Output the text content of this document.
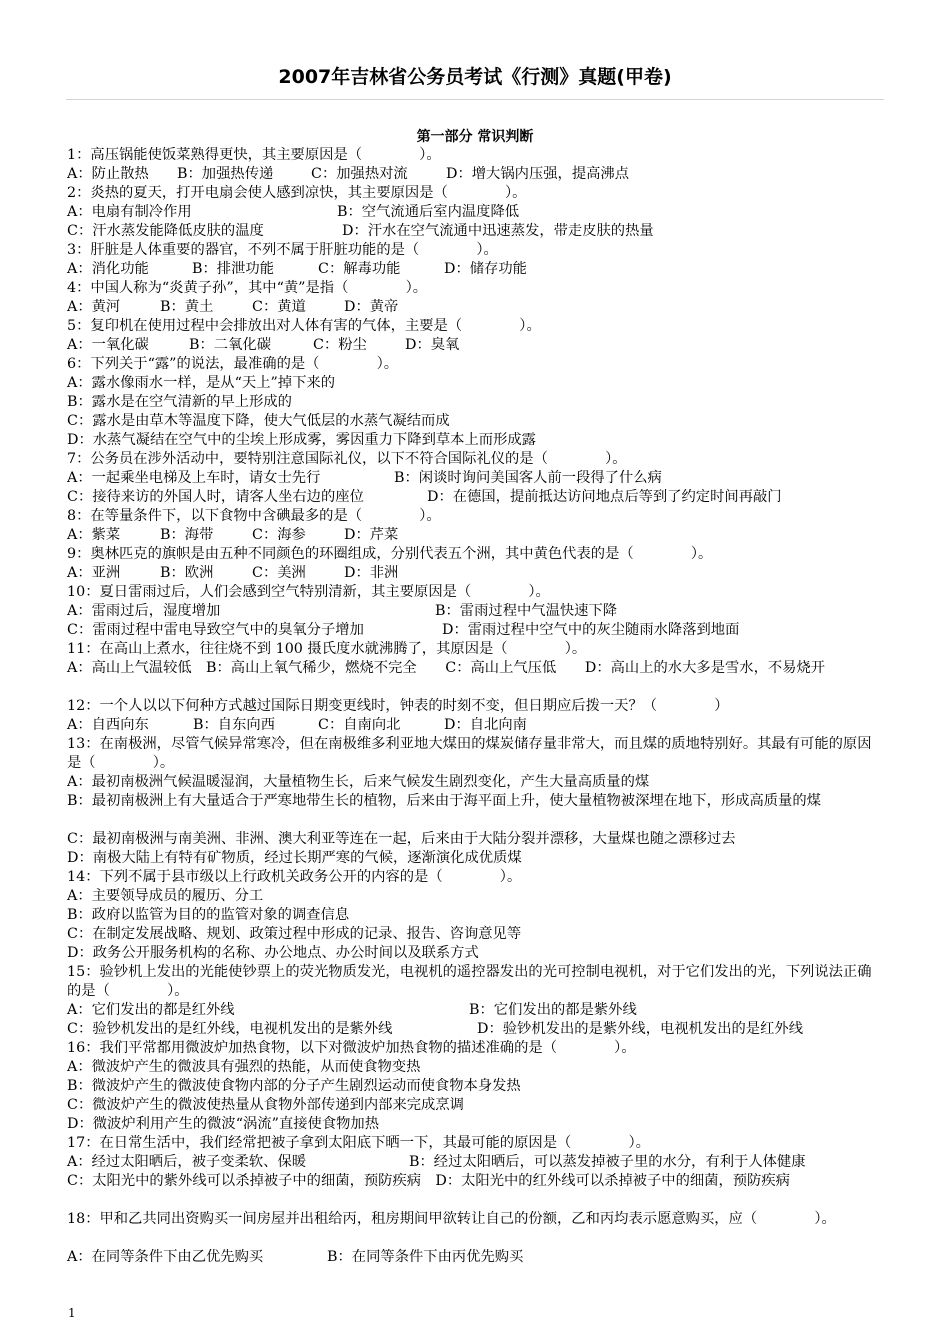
2007年吉林省公务员考试《行测》真题(甲卷)
第一部分 常识判断
1：高压锅能使饭菜熟得更快，其主要原因是（　　　　）。
A：防止散热 B：加强热传递	C：加强热对流	D：增大锅内压强，提高沸点
2：炎热的夏天，打开电扇会使人感到凉快，其主要原因是（　　　　）。
A：电扇有制冷作用	B：空气流通后室内温度降低
C：汗水蒸发能降低皮肤的温度	D：汗水在空气流通中迅速蒸发，带走皮肤的热量
3：肝脏是人体重要的器官，不列不属于肝脏功能的是（　　　　）。
A：消化功能	B：排泄功能	C：解毒功能	D：储存功能
4：中国人称为“炎黄子孙”，其中“黄”是指（　　　　）。
A：黄河	B：黄土	C：黄道	D：黄帝
5：复印机在使用过程中会排放出对人体有害的气体，主要是（　　　　）。
A：一氧化碳	B：二氧化碳	C：粉尘	D：臭氧
6：下列关于“露”的说法，最准确的是（　　　　）。
A：露水像雨水一样，是从“天上”掉下来的
B：露水是在空气清新的早上形成的
C：露水是由草木等温度下降，使大气低层的水蒸气凝结而成
D：水蒸气凝结在空气中的尘埃上形成雾，雾因重力下降到草本上而形成露
7：公务员在涉外活动中，要特别注意国际礼仪，以下不符合国际礼仪的是（　　　　）。
A：一起乘坐电梯及上车时，请女士先行	B：闲谈时询问美国客人前一段得了什么病
C：接待来访的外国人时，请客人坐右边的座位	D：在德国，提前抵达访问地点后等到了约定时间再敲门
8：在等量条件下，以下食物中含碘最多的是（　　　　）。
A：紫菜	B：海带	C：海参	D：芹菜
9：奥林匹克的旗帜是由五种不同颜色的环圈组成，分别代表五个洲，其中黄色代表的是（　　　　）。
A：亚洲	B：欧洲	C：美洲	D：非洲
10：夏日雷雨过后，人们会感到空气特别清新，其主要原因是（　　　　）。
A：雷雨过后，湿度增加	B：雷雨过程中气温快速下降
C：雷雨过程中雷电导致空气中的臭氧分子增加	D：雷雨过程中空气中的灰尘随雨水降落到地面
11：在高山上煮水，往往烧不到 100 摄氏度水就沸腾了，其原因是（　　　　）。
A：高山上气温较低　B：高山上氧气稀少，燃烧不完全　　C：高山上气压低　　D：高山上的水大多是雪水，不易烧开
12：一个人以以下何种方式越过国际日期变更线时，钟表的时刻不变，但日期应后拨一天？（　　　　）
A：自西向东	B：自东向西	C：自南向北	D：自北向南
13：在南极洲，尽管气候异常寒冷，但在南极维多利亚地大煤田的煤炭储存量非常大，而且煤的质地特别好。其最有可能的原因是（　　　　）。
A：最初南极洲气候温暖湿润，大量植物生长，后来气候发生剧烈变化，产生大量高质量的煤
B：最初南极洲上有大量适合于严寒地带生长的植物，后来由于海平面上升，使大量植物被深埋在地下，形成高质量的煤
C：最初南极洲与南美洲、非洲、澳大利亚等连在一起，后来由于大陆分裂并漂移，大量煤也随之漂移过去
D：南极大陆上有特有矿物质，经过长期严寒的气候，逐渐演化成优质煤
14：下列不属于县市级以上行政机关政务公开的内容的是（　　　　）。
A：主要领导成员的履历、分工
B：政府以监管为目的的监管对象的调查信息
C：在制定发展战略、规划、政策过程中形成的记录、报告、咨询意见等
D：政务公开服务机构的名称、办公地点、办公时间以及联系方式
15：验钞机上发出的光能使钞票上的荧光物质发光，电视机的遥控器发出的光可控制电视机，对于它们发出的光，下列说法正确的是（　　　　）。
A：它们发出的都是红外线	B：它们发出的都是紫外线
C：验钞机发出的是红外线，电视机发出的是紫外线	D：验钞机发出的是紫外线，电视机发出的是红外线
16：我们平常都用微波炉加热食物，以下对微波炉加热食物的描述准确的是（　　　　）。
A：微波炉产生的微波具有强烈的热能，从而使食物变热
B：微波炉产生的微波使食物内部的分子产生剧烈运动而使食物本身发热
C：微波炉产生的微波使热量从食物外部传递到内部来完成烹调
D：微波炉利用产生的微波“涡流”直接使食物加热
17：在日常生活中，我们经常把被子拿到太阳底下晒一下，其最可能的原因是（　　　　）。
A：经过太阳晒后，被子变柔软、保暖	B：经过太阳晒后，可以蒸发掉被子里的水分，有利于人体健康
C：太阳光中的紫外线可以杀掉被子中的细菌，预防疾病　D：太阳光中的红外线可以杀掉被子中的细菌，预防疾病
18：甲和乙共同出资购买一间房屋并出租给丙，租房期间甲欲转让自己的份额，乙和丙均表示愿意购买，应（　　　　）。
A：在同等条件下由乙优先购买	B：在同等条件下由丙优先购买
1
